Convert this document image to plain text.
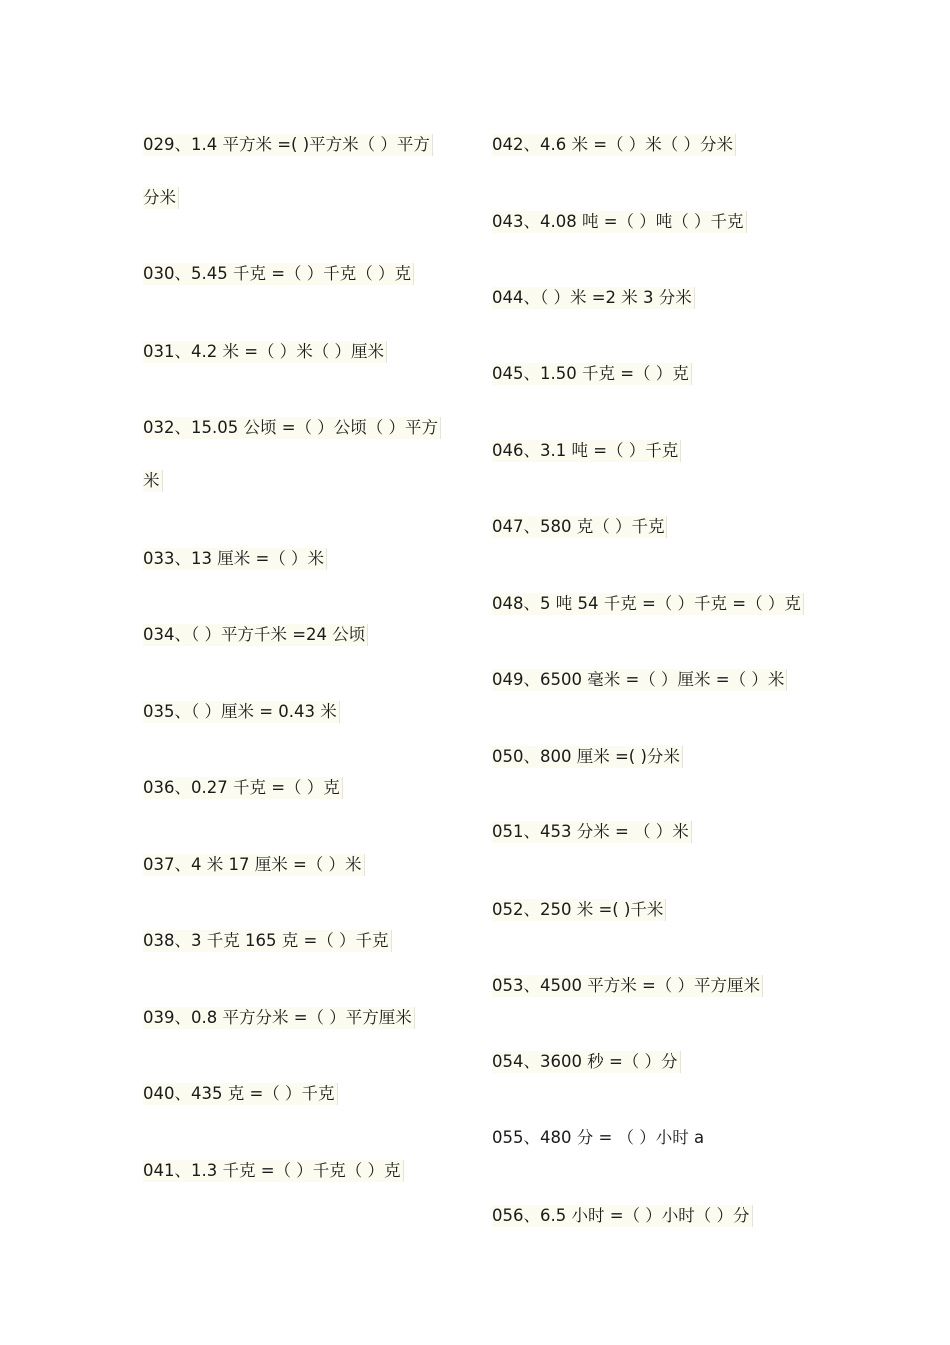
029、1.4 平方米 =( )平方米（ ）平方
分米
030、5.45 千克 =（ ）千克（ ）克
031、4.2 米 =（ ）米（ ）厘米
032、15.05 公顷 =（ ）公顷（ ）平方
米
033、13 厘米 =（ ）米
034、（ ）平方千米 =24 公顷
035、（ ）厘米 = 0.43 米
036、0.27 千克 =（ ）克
037、4 米 17 厘米 =（ ）米
038、3 千克 165 克 =（ ）千克
039、0.8 平方分米 =（ ）平方厘米
040、435 克 =（ ）千克
041、1.3 千克 =（ ）千克（ ）克
042、4.6 米 =（ ）米（ ）分米
043、4.08 吨 =（ ）吨（ ）千克
044、（ ）米 =2 米 3 分米
045、1.50 千克 =（ ）克
046、3.1 吨 =（ ）千克
047、580 克（ ）千克
048、5 吨 54 千克 =（ ）千克 =（ ）克
049、6500 毫米 =（ ）厘米 =（ ）米
050、800 厘米 =( )分米
051、453 分米 = （ ）米
052、250 米 =( )千米
053、4500 平方米 =（ ）平方厘米
054、3600 秒 =（ ）分
055、480 分 = （ ）小时 a
056、6.5 小时 =（ ）小时（ ）分
